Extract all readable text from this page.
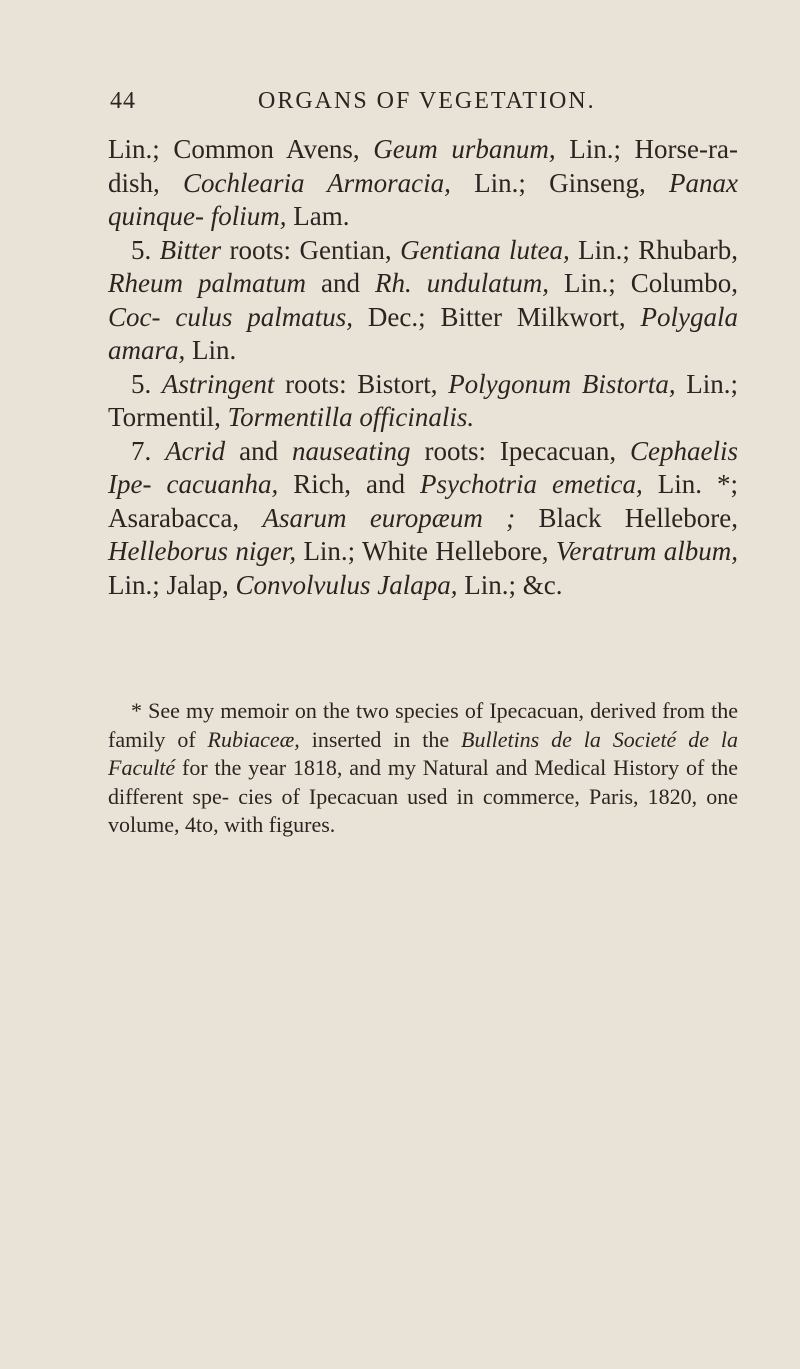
44	ORGANS OF VEGETATION.

Lin.; Common Avens, Geum urbanum, Lin.; Horse-ra- dish, Cochlearia Armoracia, Lin.; Ginseng, Panax quinque- folium, Lam.

5. Bitter roots: Gentian, Gentiana lutea, Lin.; Rhubarb, Rheum palmatum and Rh. undulatum, Lin.; Columbo, Coc- culus palmatus, Dec.; Bitter Milkwort, Polygala amara, Lin.

5. Astringent roots: Bistort, Polygonum Bistorta, Lin.; Tormentil, Tormentilla officinalis.

7. Acrid and nauseating roots: Ipecacuan, Cephaelis Ipe- cacuanha, Rich, and Psychotria emetica, Lin. *; Asarabacca, Asarum europæum ; Black Hellebore, Helleborus niger, Lin.; White Hellebore, Veratrum album, Lin.; Jalap, Convolvulus Jalapa, Lin.; &c.

* See my memoir on the two species of Ipecacuan, derived from the family of Rubiaceæ, inserted in the Bulletins de la Societé de la Faculté for the year 1818, and my Natural and Medical History of the different spe- cies of Ipecacuan used in commerce, Paris, 1820, one volume, 4to, with figures.
